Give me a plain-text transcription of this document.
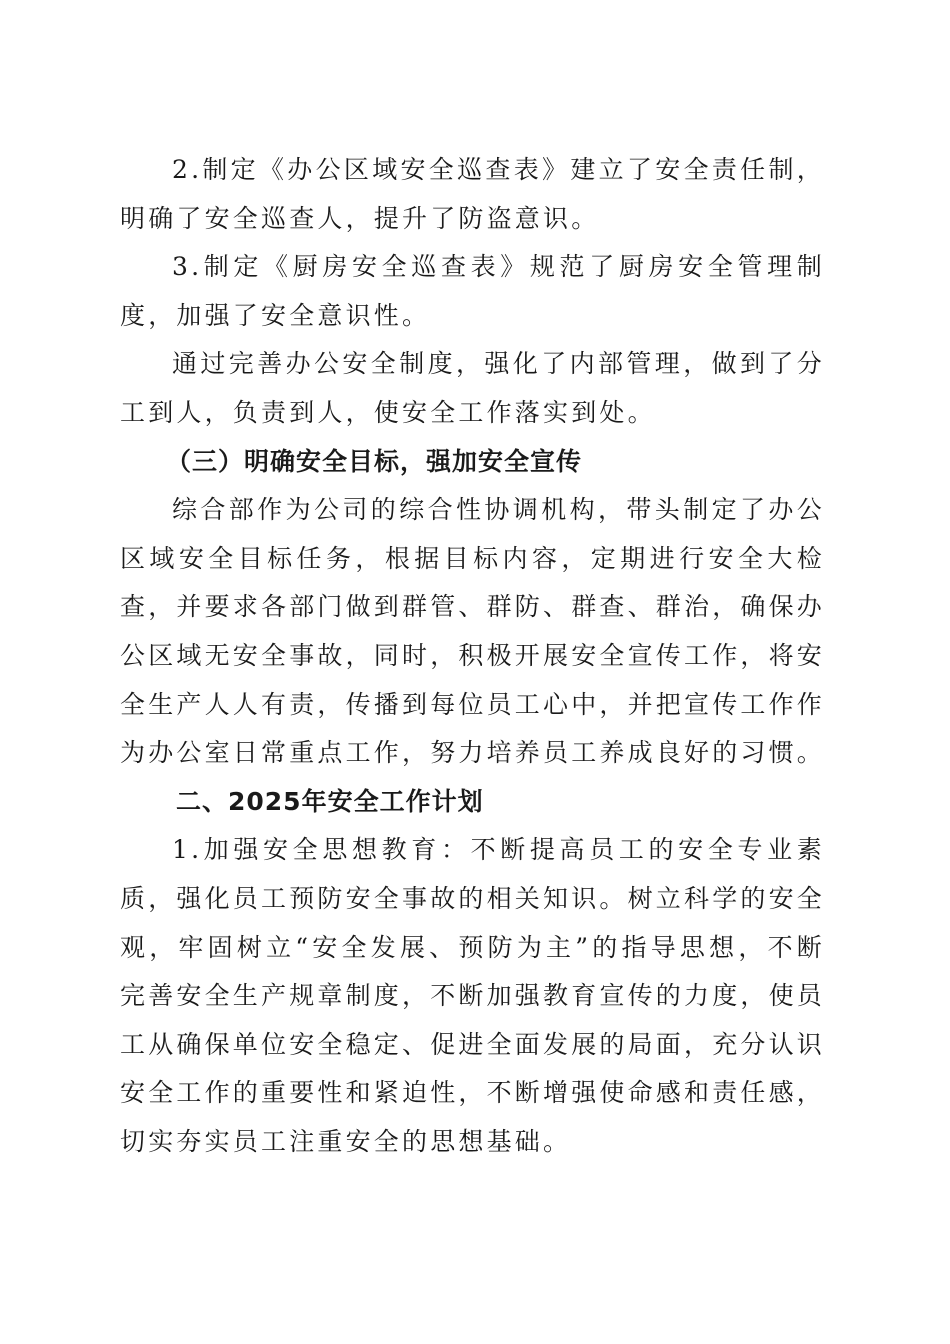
2.制定《办公区域安全巡查表》建立了安全责任制，明确了安全巡查人，提升了防盗意识。

3.制定《厨房安全巡查表》规范了厨房安全管理制度，加强了安全意识性。

通过完善办公安全制度，强化了内部管理，做到了分工到人，负责到人，使安全工作落实到处。

（三）明确安全目标，强加安全宣传

综合部作为公司的综合性协调机构，带头制定了办公区域安全目标任务，根据目标内容，定期进行安全大检查，并要求各部门做到群管、群防、群查、群治，确保办公区域无安全事故，同时，积极开展安全宣传工作，将安全生产人人有责，传播到每位员工心中，并把宣传工作作为办公室日常重点工作，努力培养员工养成良好的习惯。

二、2025年安全工作计划

1.加强安全思想教育：不断提高员工的安全专业素质，强化员工预防安全事故的相关知识。树立科学的安全观，牢固树立“安全发展、预防为主”的指导思想，不断完善安全生产规章制度，不断加强教育宣传的力度，使员工从确保单位安全稳定、促进全面发展的局面，充分认识安全工作的重要性和紧迫性，不断增强使命感和责任感，切实夯实员工注重安全的思想基础。
